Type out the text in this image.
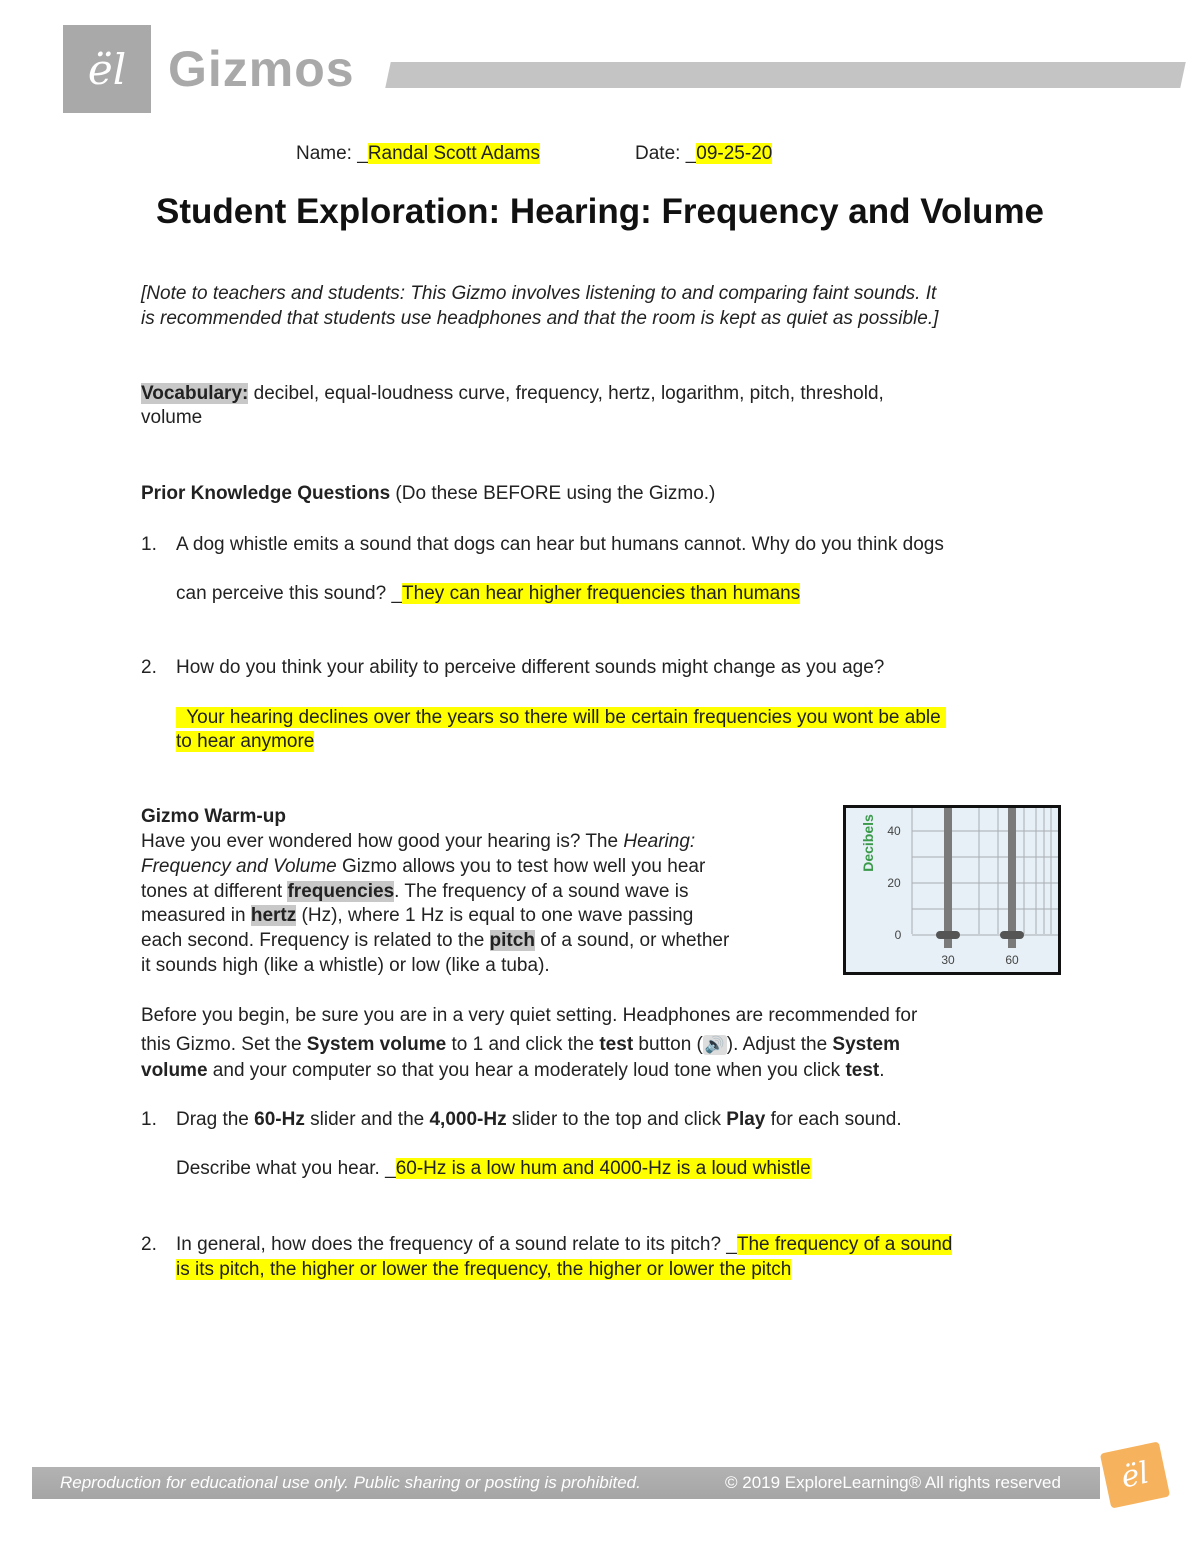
ël Gizmos
Name: _Randal Scott Adams	Date: _09-25-20
Student Exploration: Hearing: Frequency and Volume
[Note to teachers and students: This Gizmo involves listening to and comparing faint sounds. It
is recommended that students use headphones and that the room is kept as quiet as possible.]
Vocabulary: decibel, equal-loudness curve, frequency, hertz, logarithm, pitch, threshold,
volume
Prior Knowledge Questions (Do these BEFORE using the Gizmo.)
1. A dog whistle emits a sound that dogs can hear but humans cannot. Why do you think dogs
can perceive this sound? _They can hear higher frequencies than humans
2. How do you think your ability to perceive different sounds might change as you age?
Your hearing declines over the years so there will be certain frequencies you wont be able
to hear anymore
Gizmo Warm-up
Have you ever wondered how good your hearing is? The Hearing:
Frequency and Volume Gizmo allows you to test how well you hear
tones at different frequencies. The frequency of a sound wave is
measured in hertz (Hz), where 1 Hz is equal to one wave passing
each second. Frequency is related to the pitch of a sound, or whether
it sounds high (like a whistle) or low (like a tuba).
Decibels 40
20
0
30	60
Before you begin, be sure you are in a very quiet setting. Headphones are recommended for
this Gizmo. Set the System volume to 1 and click the test button ( 🔊 ). Adjust the System
volume and your computer so that you hear a moderately loud tone when you click test.
1. Drag the 60-Hz slider and the 4,000-Hz slider to the top and click Play for each sound.
Describe what you hear. _60-Hz is a low hum and 4000-Hz is a loud whistle
2. In general, how does the frequency of a sound relate to its pitch? _The frequency of a sound
is its pitch, the higher or lower the frequency, the higher or lower the pitch
Reproduction for educational use only. Public sharing or posting is prohibited.	© 2019 ExploreLearning® All rights reserved ël
